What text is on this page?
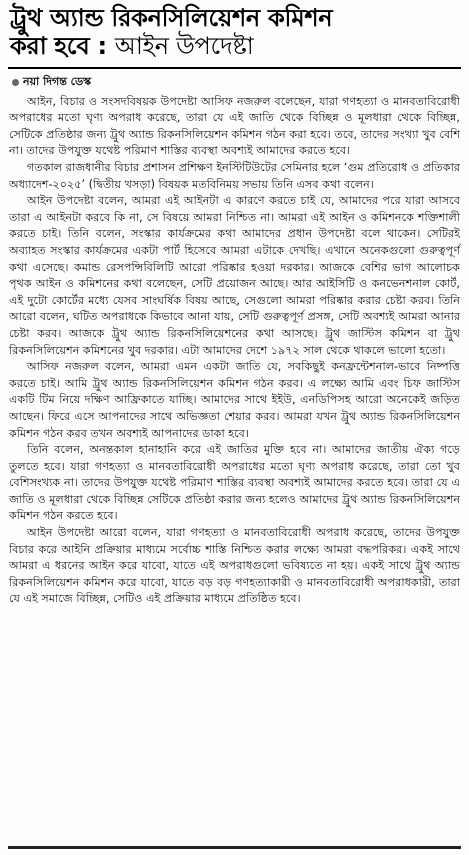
ট্রুথ অ্যান্ড রিকনসিলিয়েশন কমিশন
করা হবে : আইন উপদেষ্টা
নয়া দিগন্ত ডেস্ক

আইন, বিচার ও সংসদবিষয়ক উপদেষ্টা আসিফ নজরুল বলেছেন, যারা গণহত্যা ও মানবতাবিরোধী অপরাধের মতো ঘৃণ্য অপরাধ করেছে, তারা যে এই জাতি থেকে বিচ্ছিন্ন ও মূলধারা থেকে বিচ্ছিন্ন, সেটিকে প্রতিষ্ঠার জন্য ট্রুথ অ্যান্ড রিকনসিলিয়েশন কমিশন গঠন করা হবে। তবে, তাদের সংখ্যা খুব বেশি না। তাদের উপযুক্ত যথেষ্ট পরিমাণ শাস্তির ব্যবস্থা অবশ্যই আমাদের করতে হবে।

গতকাল রাজধানীর বিচার প্রশাসন প্রশিক্ষণ ইনস্টিটিউটের সেমিনার হলে ‘গুম প্রতিরোধ ও প্রতিকার অধ্যাদেশ-২০২৫’ (দ্বিতীয় খসড়া) বিষয়ক মতবিনিময় সভায় তিনি এসব কথা বলেন।

আইন উপদেষ্টা বলেন, আমরা এই আইনটা এ কারণে করতে চাই যে, আমাদের পরে যারা আসবে তারা এ আইনটা করবে কি না, সে বিষয়ে আমরা নিশ্চিত না। আমরা এই আইন ও কমিশনকে শক্তিশালী করতে চাই। তিনি বলেন, সংস্কার কার্যক্রমের কথা আমাদের প্রধান উপদেষ্টা বলে থাকেন। সেটিরই অব্যাহত সংস্কার কার্যক্রমের একটা পার্ট হিসেবে আমরা এটাকে দেখছি। এখানে অনেকগুলো গুরুত্বপূর্ণ কথা এসেছে। কমান্ড রেসপন্সিবিলিটি আরো পরিষ্কার হওয়া দরকার। আজকে বেশির ভাগ আলোচক পৃথক আইন ও কমিশনের কথা বলেছেন, সেটি প্রয়োজন আছে। আর আইসিটি ও কনভেনশনাল কোর্ট, এই দুটো কোর্টের মধ্যে যেসব সাংঘর্ষিক বিষয় আছে, সেগুলো আমরা পরিষ্কার করার চেষ্টা করব। তিনি আরো বলেন, ঘটিত অপরাধকে কিভাবে আনা যায়, সেটি গুরুত্বপূর্ণ প্রসঙ্গ, সেটি অবশ্যই আমরা আনার চেষ্টা করব। আজকে ট্রুথ অ্যান্ড রিকনসিলিয়েশনের কথা আসছে। ট্রুথ জাস্টিস কমিশন বা ট্রুথ রিকনসিলিয়েশন কমিশনের খুব দরকার। এটা আমাদের দেশে ১৯৭২ সাল থেকে থাকলে ভালো হতো।

আসিফ নজরুল বলেন, আমরা এমন একটা জাতি যে, সবকিছুই কনফ্রন্টেশনাল-ভাবে নিষ্পত্তি করতে চাই। আমি ট্রুথ অ্যান্ড রিকনসিলিয়েশন কমিশন গঠন করব। এ লক্ষ্যে আমি এবং চিফ জাস্টিস একটি টিম নিয়ে দক্ষিণ আফ্রিকাতে যাচ্ছি। আমাদের সাথে ইইউ, এনডিপিসহ আরো অনেকেই জড়িত আছেন। ফিরে এসে আপনাদের সাথে অভিজ্ঞতা শেয়ার করব। আমরা যখন ট্রুথ অ্যান্ড রিকনসিলিয়েশন কমিশন গঠন করব তখন অবশ্যই আপনাদের ডাকা হবে।

তিনি বলেন, অনন্তকাল হানাহানি করে এই জাতির মুক্তি হবে না। আমাদের জাতীয় ঐক্য গড়ে তুলতে হবে। যারা গণহত্যা ও মানবতাবিরোধী অপরাধের মতো ঘৃণ্য অপরাধ করেছে, তারা তো খুব বেশিসংখ্যক না। তাদের উপযুক্ত যথেষ্ট পরিমাণ শাস্তির ব্যবস্থা অবশ্যই আমাদের করতে হবে। তারা যে এ জাতি ও মূলধারা থেকে বিচ্ছিন্ন সেটিকে প্রতিষ্ঠা করার জন্য হলেও আমাদের ট্রুথ অ্যান্ড রিকনসিলিয়েশন কমিশন গঠন করতে হবে।

আইন উপদেষ্টা আরো বলেন, যারা গণহত্যা ও মানবতাবিরোধী অপরাধ করেছে, তাদের উপযুক্ত বিচার করে আইনি প্রক্রিয়ার মাধ্যমে সর্বোচ্চ শাস্তি নিশ্চিত করার লক্ষ্যে আমরা বদ্ধপরিকর। একই সাথে আমরা এ ধরনের আইন করে যাবো, যাতে এই অপরাধগুলো ভবিষ্যতে না হয়। একই সাথে ট্রুথ অ্যান্ড রিকনসিলিয়েশন কমিশন করে যাবো, যাতে বড় বড় গণহত্যাকারী ও মানবতাবিরোধী অপরাধকারী, তারা যে এই সমাজে বিচ্ছিন্ন, সেটিও এই প্রক্রিয়ার মাধ্যমে প্রতিষ্ঠিত হবে।
